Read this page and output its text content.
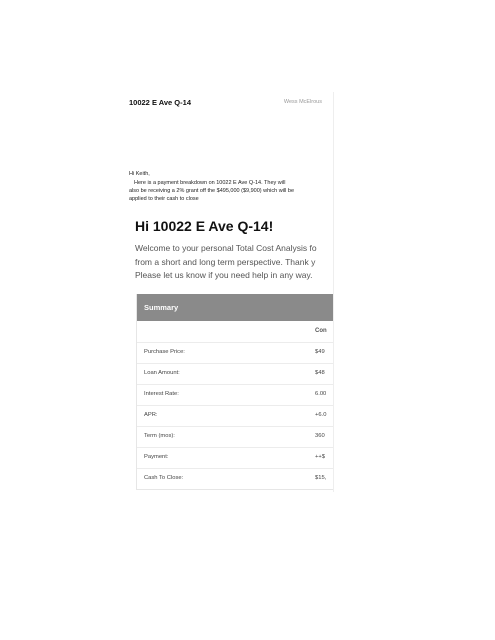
10022 E Ave Q-14	Wess McElrous
Hi Keith,
Here is a payment breakdown on 10022 E Ave Q-14. They will
also be receiving a 2% grant off the $495,000 ($9,900) which will be
applied to their cash to close
Hi 10022 E Ave Q-14!
Welcome to your personal Total Cost Analysis fo
from a short and long term perspective. Thank y
Please let us know if you need help in any way.
Summary
Con
Purchase Price:	$49
Loan Amount:	$48
Interest Rate:	6.00
APR:	+6.0
Term (mos):	360
Payment:	++$
Cash To Close:	$15,
